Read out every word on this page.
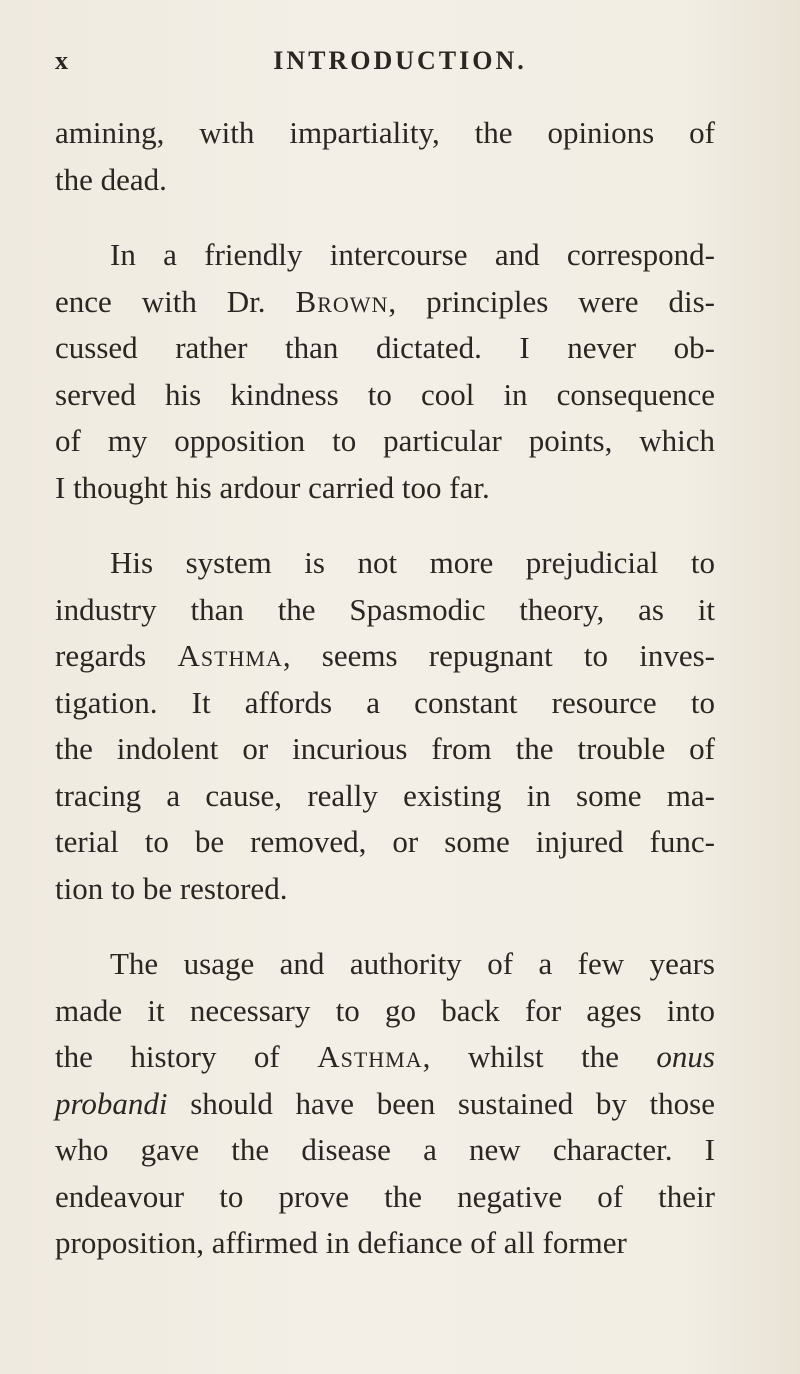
x	INTRODUCTION.
amining, with impartiality, the opinions of
the dead.
In a friendly intercourse and correspond-
ence with Dr. Brown, principles were dis-
cussed rather than dictated. I never ob-
served his kindness to cool in consequence
of my opposition to particular points, which
I thought his ardour carried too far.
His system is not more prejudicial to
industry than the Spasmodic theory, as it
regards Asthma, seems repugnant to inves-
tigation. It affords a constant resource to
the indolent or incurious from the trouble of
tracing a cause, really existing in some ma-
terial to be removed, or some injured func-
tion to be restored.
The usage and authority of a few years
made it necessary to go back for ages into
the history of Asthma, whilst the onus
probandi should have been sustained by those
who gave the disease a new character. I
endeavour to prove the negative of their
proposition, affirmed in defiance of all former
